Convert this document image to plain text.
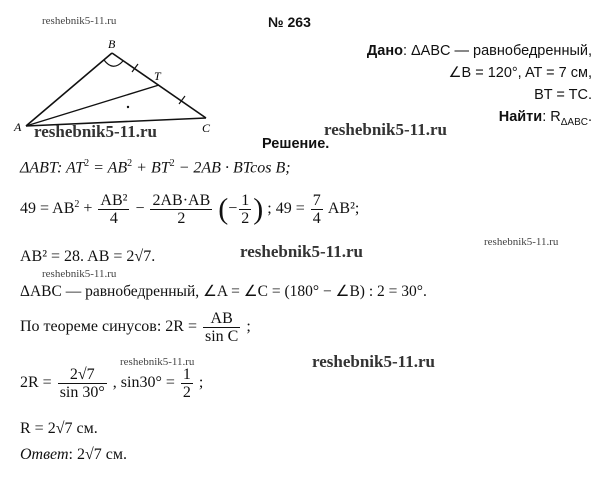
reshebnik5-11.ru	№ 263
B
T
A	C
Дано: ΔABC — равнобедренный,
∠B = 120°, AT = 7 см,
BT = TC.
Найти: $R_{\Delta ABC}$.
reshebnik5-11.ru	reshebnik5-11.ru
reshebnik5-11.ru	reshebnik5-11.ru
reshebnik5-11.ru
reshebnik5-11.ru	reshebnik5-11.ru
Решение.
ΔABT: $AT^2 = AB^2 + BT^2 - 2AB \cdot BTcos$ B;
$49 = AB^2 + \frac{\text{AB²}}{4} - \frac{2AB\cdot AB}{2}$ (− $\frac{1}{2}$ ) ; $49 = \frac{7}{4} AB^2$;
AB² = 28. AB = 2√7.
ΔABC — равнобедренный, ∠A = ∠C = (180° − ∠B) : 2 = 30°.
По теореме синусов: $2R = \frac{AB}{\text{sin C}}$ ;
$2R = \frac{2√7}{\sin 30^\circ}$ , $\sin 30^\circ = \frac{1}{2}$ ;
R = 2√7 см.
Ответ: 2√7 см.
